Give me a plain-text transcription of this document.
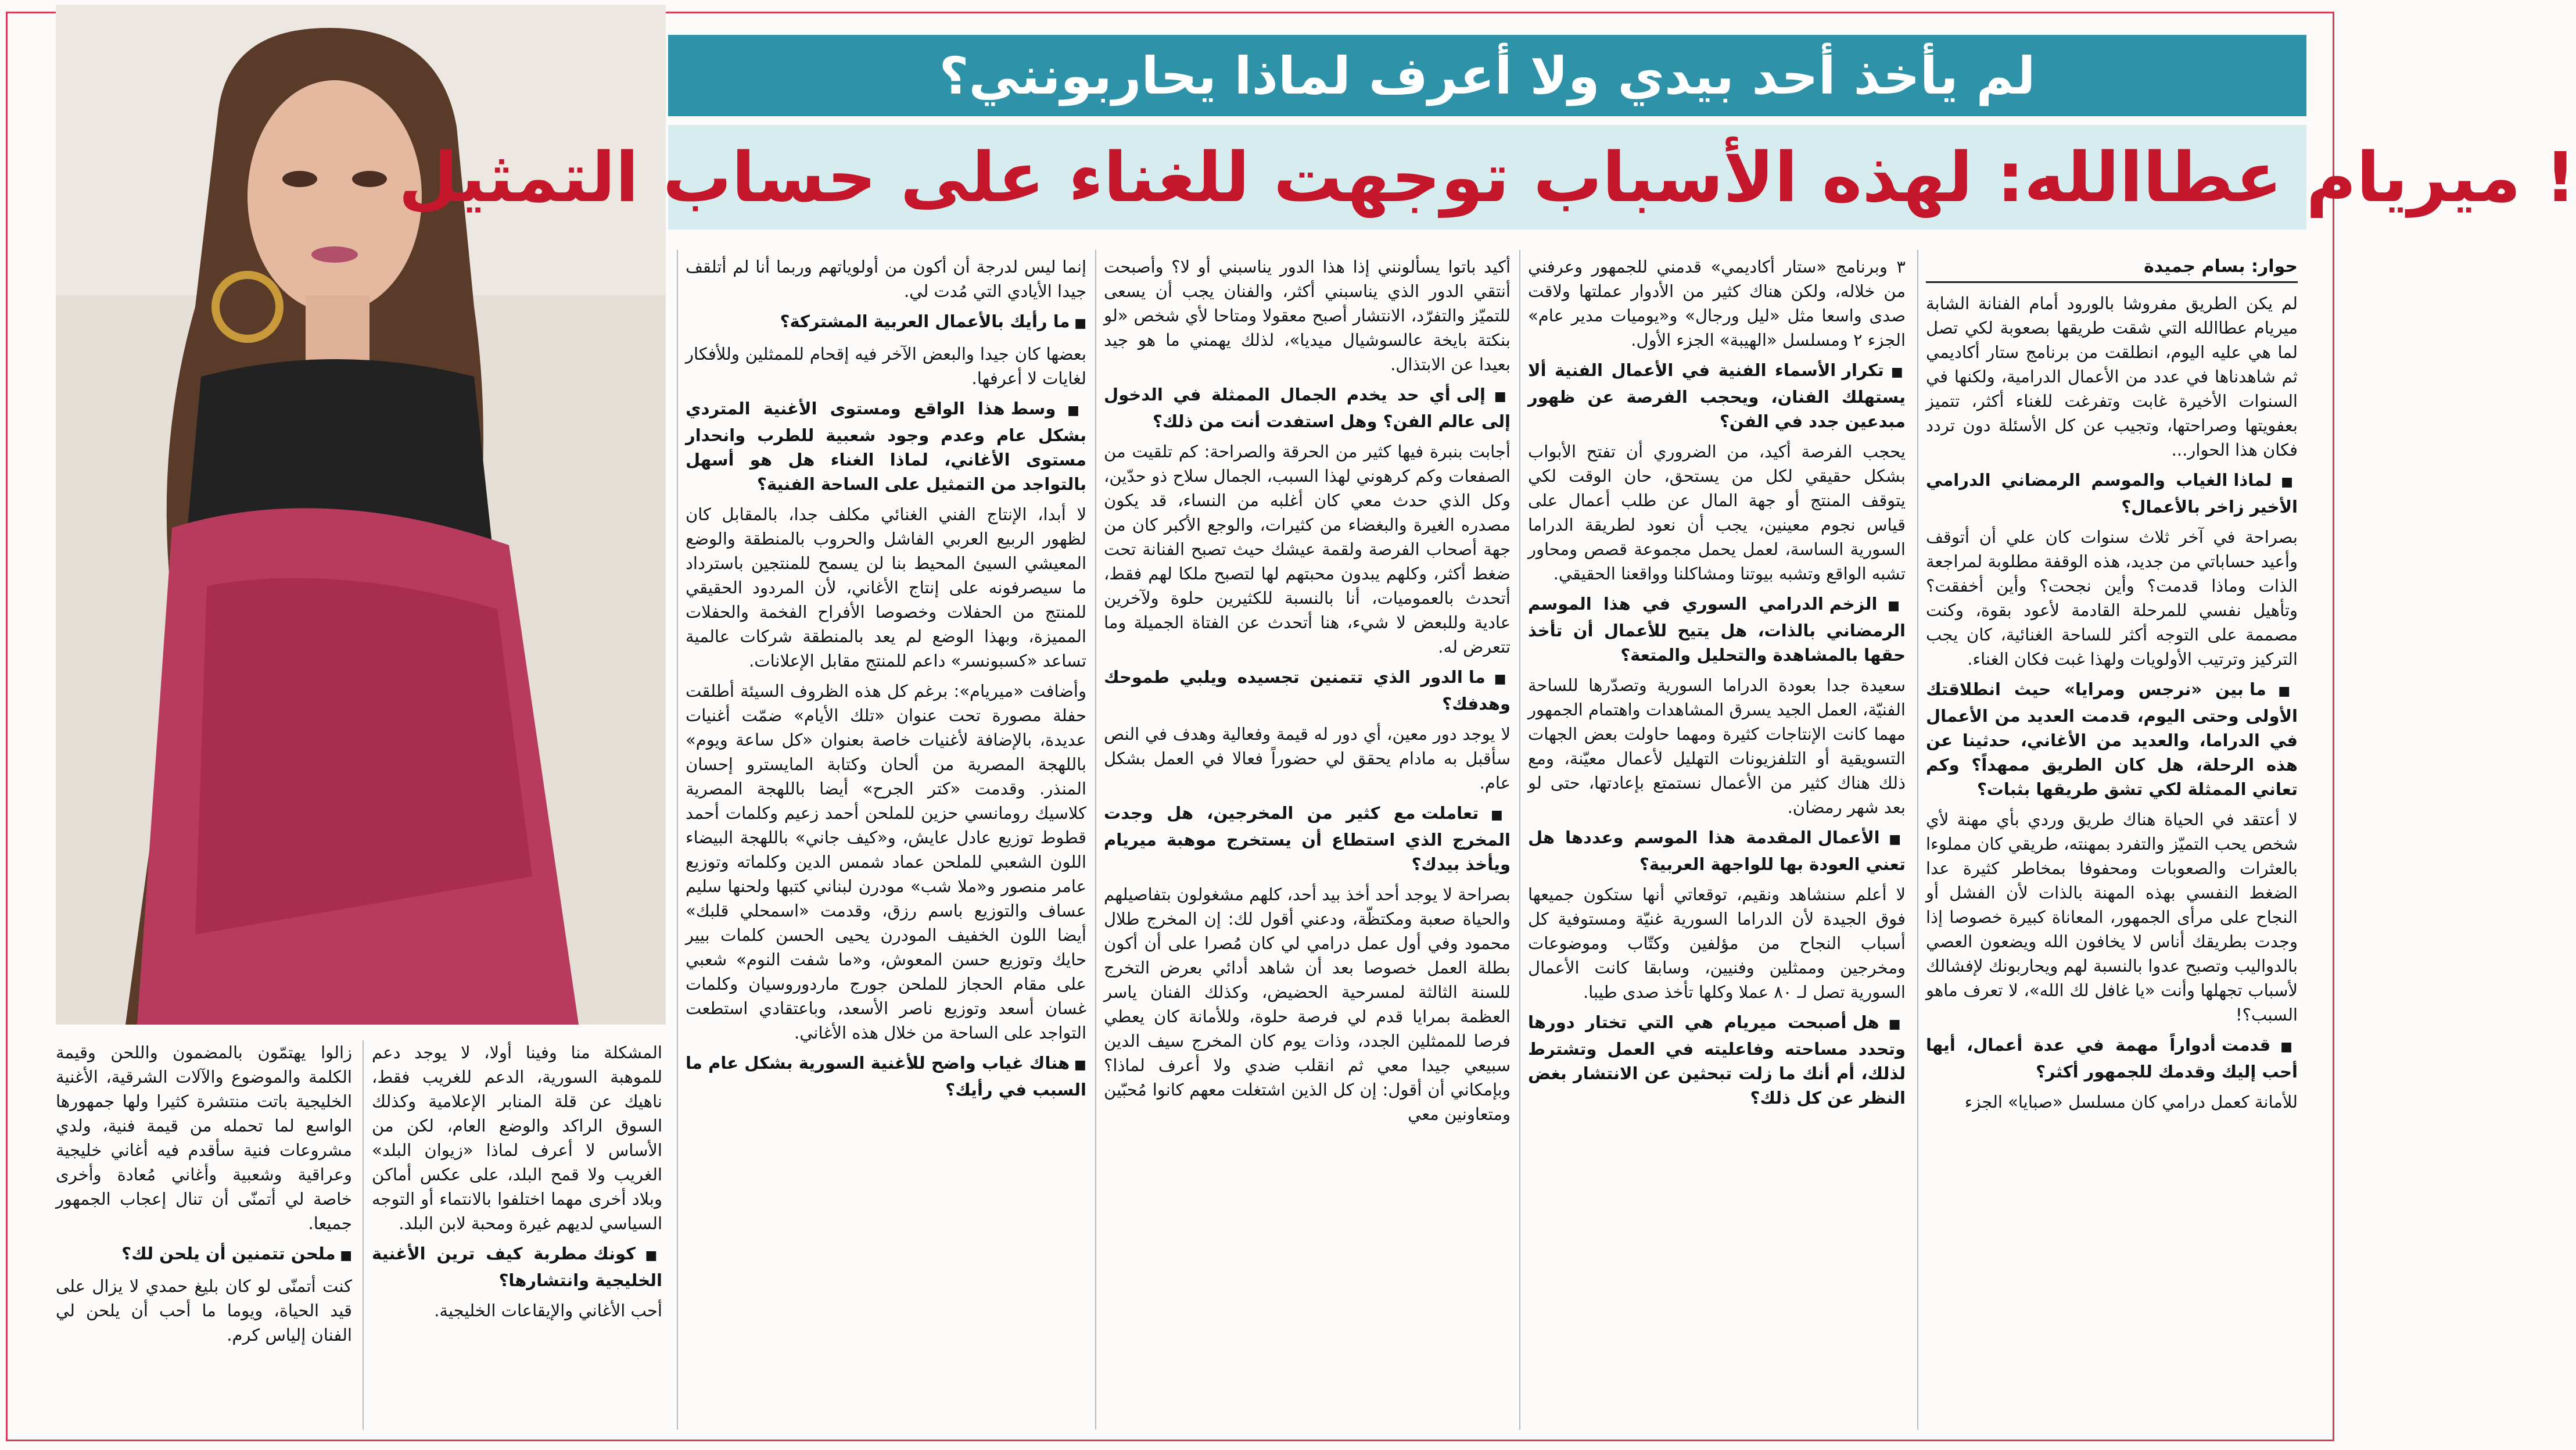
لم يأخذ أحد بيدي ولا أعرف لماذا يحاربونني؟
ميريام عطاالله: لهذه الأسباب توجهت للغناء على حساب التمثيل !
حوار: بسام جميدة

لم يكن الطريق مفروشا بالورود أمام الفنانة الشابة ميريام عطاالله التي شقت طريقها بصعوبة لكي تصل لما هي عليه اليوم، انطلقت من برنامج ستار أكاديمي ثم شاهدناها في عدد من الأعمال الدرامية، ولكنها في السنوات الأخيرة غابت وتفرغت للغناء أكثر، تتميز بعفويتها وصراحتها، وتجيب عن كل الأسئلة دون تردد فكان هذا الحوار...

■ لماذا الغياب والموسم الرمضاني الدرامي الأخير زاخر بالأعمال؟

بصراحة في آخر ثلاث سنوات كان علي أن أتوقف وأعيد حساباتي من جديد، هذه الوقفة مطلوبة لمراجعة الذات وماذا قدمت؟ وأين نجحت؟ وأين أخفقت؟ وتأهيل نفسي للمرحلة القادمة لأعود بقوة، وكنت مصممة على التوجه أكثر للساحة الغنائية، كان يجب التركيز وترتيب الأولويات ولهذا غبت فكان الغناء.

■ ما بين «نرجس ومرايا» حيث انطلاقتك الأولى وحتى اليوم، قدمت العديد من الأعمال في الدراما، والعديد من الأغاني، حدثينا عن هذه الرحلة، هل كان الطريق ممهداً؟ وكم تعاني الممثلة لكي تشق طريقها بثبات؟

لا أعتقد في الحياة هناك طريق وردي بأي مهنة لأي شخص يحب التميّز والتفرد بمهنته، طريقي كان مملوءا بالعثرات والصعوبات ومحفوفا بمخاطر كثيرة عدا الضغط النفسي بهذه المهنة بالذات لأن الفشل أو النجاح على مرأى الجمهور، المعاناة كبيرة خصوصا إذا وجدت بطريقك أناس لا يخافون الله ويضعون العصي بالدواليب وتصبح عدوا بالنسبة لهم ويحاربونك لإفشالك لأسباب تجهلها وأنت «يا غافل لك الله»، لا تعرف ماهو السبب؟!

■ قدمت أدواراً مهمة في عدة أعمال، أيها أحب إليك وقدمك للجمهور أكثر؟

للأمانة كعمل درامي كان مسلسل «صبايا» الجزء

٣ وبرنامج «ستار أكاديمي» قدمني للجمهور وعرفني من خلاله، ولكن هناك كثير من الأدوار عملتها ولاقت صدى واسعا مثل «ليل ورجال» و«يوميات مدير عام» الجزء ٢ ومسلسل «الهيبة» الجزء الأول.

■ تكرار الأسماء الفنية في الأعمال الفنية ألا يستهلك الفنان، ويحجب الفرصة عن ظهور مبدعين جدد في الفن؟

يحجب الفرصة أكيد، من الضروري أن تفتح الأبواب بشكل حقيقي لكل من يستحق، حان الوقت لكي يتوقف المنتج أو جهة المال عن طلب أعمال على قياس نجوم معينين، يجب أن نعود لطريقة الدراما السورية الساسة، لعمل يحمل مجموعة قصص ومحاور تشبه الواقع وتشبه بيوتنا ومشاكلنا وواقعنا الحقيقي.

■ الزخم الدرامي السوري في هذا الموسم الرمضاني بالذات، هل يتيح للأعمال أن تأخذ حقها بالمشاهدة والتحليل والمتعة؟

سعيدة جدا بعودة الدراما السورية وتصدّرها للساحة الفنيّة، العمل الجيد يسرق المشاهدات واهتمام الجمهور مهما كانت الإنتاجات كثيرة ومهما حاولت بعض الجهات التسويقية أو التلفزيونات التهليل لأعمال معيّنة، ومع ذلك هناك كثير من الأعمال نستمتع بإعادتها، حتى لو بعد شهر رمضان.

■ الأعمال المقدمة هذا الموسم وعددها هل تعني العودة بها للواجهة العربية؟

لا أعلم سنشاهد ونقيم، توقعاتي أنها ستكون جميعها فوق الجيدة لأن الدراما السورية غنيّة ومستوفية كل أسباب النجاح من مؤلفين وكتّاب وموضوعات ومخرجين وممثلين وفنيين، وسابقا كانت الأعمال السورية تصل لـ ٨٠ عملا وكلها تأخذ صدى طيبا.

■ هل أصبحت ميريام هي التي تختار دورها وتحدد مساحته وفاعليته في العمل وتشترط لذلك، أم أنك ما زلت تبحثين عن الانتشار بغض النظر عن كل ذلك؟

أكيد باتوا يسألونني إذا هذا الدور يناسبني أو لا؟ وأصبحت أنتقي الدور الذي يناسبني أكثر، والفنان يجب أن يسعى للتميّز والتفرّد، الانتشار أصبح معقولا ومتاحا لأي شخص «لو بنكتة بايخة عالسوشيال ميديا»، لذلك يهمني ما هو جيد بعيدا عن الابتذال.

■ إلى أي حد يخدم الجمال الممثلة في الدخول إلى عالم الفن؟ وهل استفدت أنت من ذلك؟

أجابت بنبرة فيها كثير من الحرقة والصراحة: كم تلقيت من الصفعات وكم كرهوني لهذا السبب، الجمال سلاح ذو حدّين، وكل الذي حدث معي كان أغلبه من النساء، قد يكون مصدره الغيرة والبغضاء من كثيرات، والوجع الأكبر كان من جهة أصحاب الفرصة ولقمة عيشك حيث تصبح الفنانة تحت ضغط أكثر، وكلهم يبدون محبتهم لها لتصبح ملكا لهم فقط، أتحدث بالعموميات، أنا بالنسبة للكثيرين حلوة ولآخرين عادية وللبعض لا شيء، هنا أتحدث عن الفتاة الجميلة وما تتعرض له.

■ ما الدور الذي تتمنين تجسيده ويلبي طموحك وهدفك؟

لا يوجد دور معين، أي دور له قيمة وفعالية وهدف في النص سأقبل به مادام يحقق لي حضوراً فعالا في العمل بشكل عام.

■ تعاملت مع كثير من المخرجين، هل وجدت المخرج الذي استطاع أن يستخرج موهبة ميريام ويأخذ بيدك؟

بصراحة لا يوجد أحد أخذ بيد أحد، كلهم مشغولون بتفاصيلهم والحياة صعبة ومكتظّة، ودعني أقول لك: إن المخرج طلال محمود وفي أول عمل درامي لي كان مُصرا على أن أكون بطلة العمل خصوصا بعد أن شاهد أدائي بعرض التخرج للسنة الثالثة لمسرحية الحضيض، وكذلك الفنان ياسر العظمة بمرايا قدم لي فرصة حلوة، وللأمانة كان يعطي فرصا للممثلين الجدد، وذات يوم كان المخرج سيف الدين سبيعي جيدا معي ثم انقلب ضدي ولا أعرف لماذا؟ وبإمكاني أن أقول: إن كل الذين اشتغلت معهم كانوا مُحبّين ومتعاونين معي

إنما ليس لدرجة أن أكون من أولوياتهم وربما أنا لم أتلقف جيدا الأيادي التي مُدت لي.

■ ما رأيك بالأعمال العربية المشتركة؟

بعضها كان جيدا والبعض الآخر فيه إقحام للممثلين وللأفكار لغايات لا أعرفها.

■ وسط هذا الواقع ومستوى الأغنية المتردي بشكل عام وعدم وجود شعبية للطرب وانحدار مستوى الأغاني، لماذا الغناء هل هو أسهل بالتواجد من التمثيل على الساحة الفنية؟

لا أبدا، الإنتاج الفني الغنائي مكلف جدا، بالمقابل كان لظهور الربيع العربي الفاشل والحروب بالمنطقة والوضع المعيشي السيئ المحيط بنا لن يسمح للمنتجين باسترداد ما سيصرفونه على إنتاج الأغاني، لأن المردود الحقيقي للمنتج من الحفلات وخصوصا الأفراح الفخمة والحفلات المميزة، وبهذا الوضع لم يعد بالمنطقة شركات عالمية تساعد «كسبونسر» داعم للمنتج مقابل الإعلانات.

وأضافت «ميريام»: برغم كل هذه الظروف السيئة أطلقت حفلة مصورة تحت عنوان «تلك الأيام» ضمّت أغنيات عديدة، بالإضافة لأغنيات خاصة بعنوان «كل ساعة ويوم» باللهجة المصرية من ألحان وكتابة المايسترو إحسان المنذر. وقدمت «كتر الجرح» أيضا باللهجة المصرية كلاسيك رومانسي حزين للملحن أحمد زعيم وكلمات أحمد قطوط توزيع عادل عايش، و«كيف جاني» باللهجة البيضاء اللون الشعبي للملحن عماد شمس الدين وكلماته وتوزيع عامر منصور و«ملا شب» مودرن لبناني كتبها ولحنها سليم عساف والتوزيع باسم رزق، وقدمت «اسمحلي قلبك» أيضا اللون الخفيف المودرن يحيى الحسن كلمات بيير حايك وتوزيع حسن المعوش، و«ما شفت النوم» شعبي على مقام الحجاز للملحن جورج ماردوروسيان وكلمات غسان أسعد وتوزيع ناصر الأسعد، وباعتقادي استطعت التواجد على الساحة من خلال هذه الأغاني.

■ هناك غياب واضح للأغنية السورية بشكل عام ما السبب في رأيك؟

المشكلة منا وفينا أولا، لا يوجد دعم للموهبة السورية، الدعم للغريب فقط، ناهيك عن قلة المنابر الإعلامية وكذلك السوق الراكد والوضع العام، لكن من الأساس لا أعرف لماذا «زيوان البلد» الغريب ولا قمح البلد، على عكس أماكن وبلاد أخرى مهما اختلفوا بالانتماء أو التوجه السياسي لديهم غيرة ومحبة لابن البلد.

■ كونك مطربة كيف ترين الأغنية الخليجية وانتشارها؟

أحب الأغاني والإيقاعات الخليجية.

زالوا يهتمّون بالمضمون واللحن وقيمة الكلمة والموضوع والآلات الشرقية، الأغنية الخليجية باتت منتشرة كثيرا ولها جمهورها الواسع لما تحمله من قيمة فنية، ولدي مشروعات فنية سأقدم فيه أغاني خليجية وعراقية وشعبية وأغاني مُعادة وأخرى خاصة لي أتمنّى أن تنال إعجاب الجمهور جميعا.

■ ملحن تتمنين أن يلحن لك؟

كنت أتمنّى لو كان بليغ حمدي لا يزال على قيد الحياة، ويوما ما أحب أن يلحن لي الفنان إلياس كرم.
